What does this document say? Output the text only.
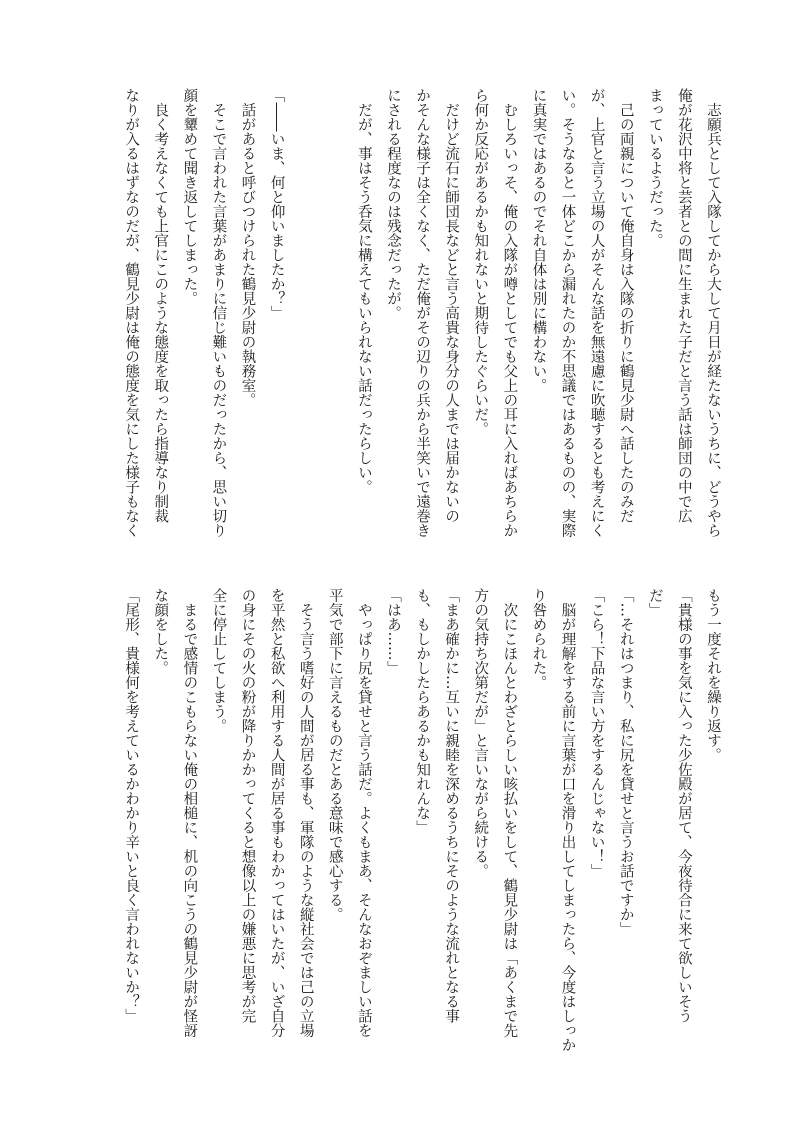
　志願兵として入隊してから大して月日が経たないうちに、どうやら
俺が花沢中将と芸者との間に生まれた子だと言う話は師団の中で広
まっているようだった。
　己の両親について俺自身は入隊の折りに鶴見少尉へ話したのみだ
が、上官と言う立場の人がそんな話を無遠慮に吹聴するとも考えにく
い。そうなると一体どこから漏れたのか不思議ではあるものの、実際
に真実ではあるのでそれ自体は別に構わない。
　むしろいっそ、俺の入隊が噂としてでも父上の耳に入ればあちらか
ら何か反応があるかも知れないと期待したぐらいだ。
　だけど流石に師団長などと言う高貴な身分の人までは届かないの
かそんな様子は全くなく、ただ俺がその辺りの兵から半笑いで遠巻き
にされる程度なのは残念だったが。
　だが、事はそう呑気に構えてもいられない話だったらしい。
「――いま、何と仰いましたか？」
　話があると呼びつけられた鶴見少尉の執務室。
　そこで言われた言葉があまりに信じ難いものだったから、思い切り
顔を顰めて聞き返してしまった。
　良く考えなくても上官にこのような態度を取ったら指導なり制裁
なりが入るはずなのだが、鶴見少尉は俺の態度を気にした様子もなく
もう一度それを繰り返す。
「貴様の事を気に入った少佐殿が居て、今夜待合に来て欲しいそう
だ」
「…それはつまり、私に尻を貸せと言うお話ですか」
「こら！下品な言い方をするんじゃない！」
　脳が理解をする前に言葉が口を滑り出してしまったら、今度はしっか
り咎められた。
　次にこほんとわざとらしい咳払いをして、鶴見少尉は「あくまで先
方の気持ち次第だが」と言いながら続ける。
「まあ確かに…互いに親睦を深めるうちにそのような流れとなる事
も、もしかしたらあるかも知れんな」
「はあ……」
　やっぱり尻を貸せと言う話だ。よくもまあ、そんなおぞましい話を
平気で部下に言えるものだとある意味で感心する。
　そう言う嗜好の人間が居る事も、軍隊のような縦社会では己の立場
を平然と私欲へ利用する人間が居る事もわかってはいたが、いざ自分
の身にその火の粉が降りかかってくると想像以上の嫌悪に思考が完
全に停止してしまう。
　まるで感情のこもらない俺の相槌に、机の向こうの鶴見少尉が怪訝
な顔をした。
「尾形、貴様何を考えているかわかり辛いと良く言われないか？」
